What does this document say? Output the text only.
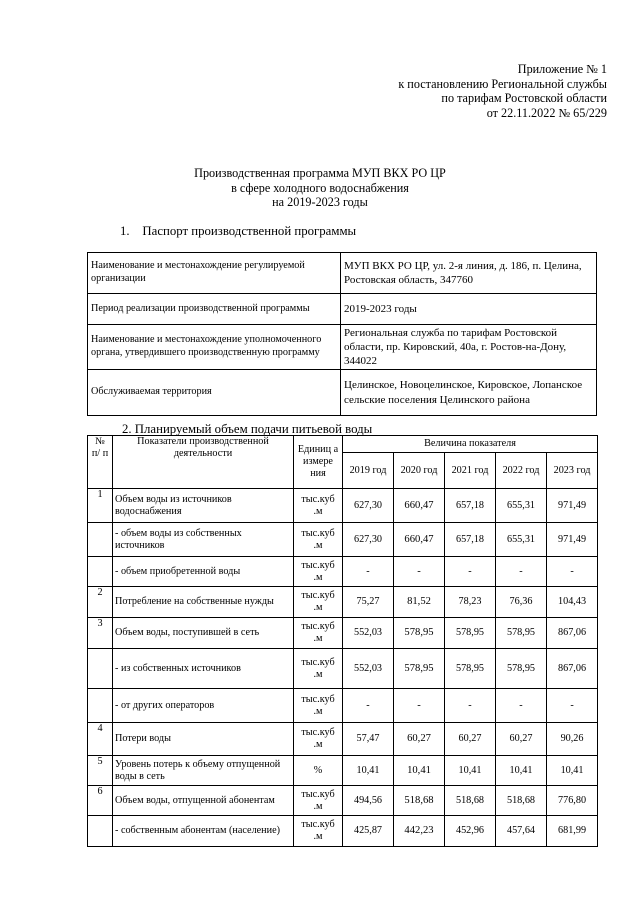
Приложение № 1
к постановлению Региональной службы
по тарифам Ростовской области
от 22.11.2022 № 65/229
Производственная программа МУП ВКХ РО ЦР
в сфере холодного водоснабжения
на 2019-2023 годы
1. Паспорт производственной программы
Наименование и местонахождение регулируемой организации	МУП ВКХ РО ЦР, ул. 2-я линия, д. 186, п. Целина, Ростовская область, 347760
Период реализации производственной программы	2019-2023 годы
Наименование и местонахождение уполномоченного органа, утвердившего производственную программу	Региональная служба по тарифам Ростовской области, пр. Кировский, 40а, г. Ростов-на-Дону, 344022
Обслуживаемая территория	Целинское, Новоцелинское, Кировское, Лопанское сельские поселения Целинского района
2. Планируемый объем подачи питьевой воды
№ п/ п	Показатели производственной деятельности	Единиц а измере ния	Величина показателя				
			2019 год	2020 год	2021 год	2022 год	2023 год
1	Объем воды из источников водоснабжения	тыс.куб .м	627,30	660,47	657,18	655,31	971,49
	- объем воды из собственных источников	тыс.куб .м	627,30	660,47	657,18	655,31	971,49
	- объем приобретенной воды	тыс.куб .м	-	-	-	-	-
2	Потребление на собственные нужды	тыс.куб .м	75,27	81,52	78,23	76,36	104,43
3	Объем воды, поступившей в сеть	тыс.куб .м	552,03	578,95	578,95	578,95	867,06
	- из собственных источников	тыс.куб .м	552,03	578,95	578,95	578,95	867,06
	- от других операторов	тыс.куб .м	-	-	-	-	-
4	Потери воды	тыс.куб .м	57,47	60,27	60,27	60,27	90,26
5	Уровень потерь к объему отпущенной воды в сеть	%	10,41	10,41	10,41	10,41	10,41
6	Объем воды, отпущенной абонентам	тыс.куб .м	494,56	518,68	518,68	518,68	776,80
	- собственным абонентам (население)	тыс.куб .м	425,87	442,23	452,96	457,64	681,99
